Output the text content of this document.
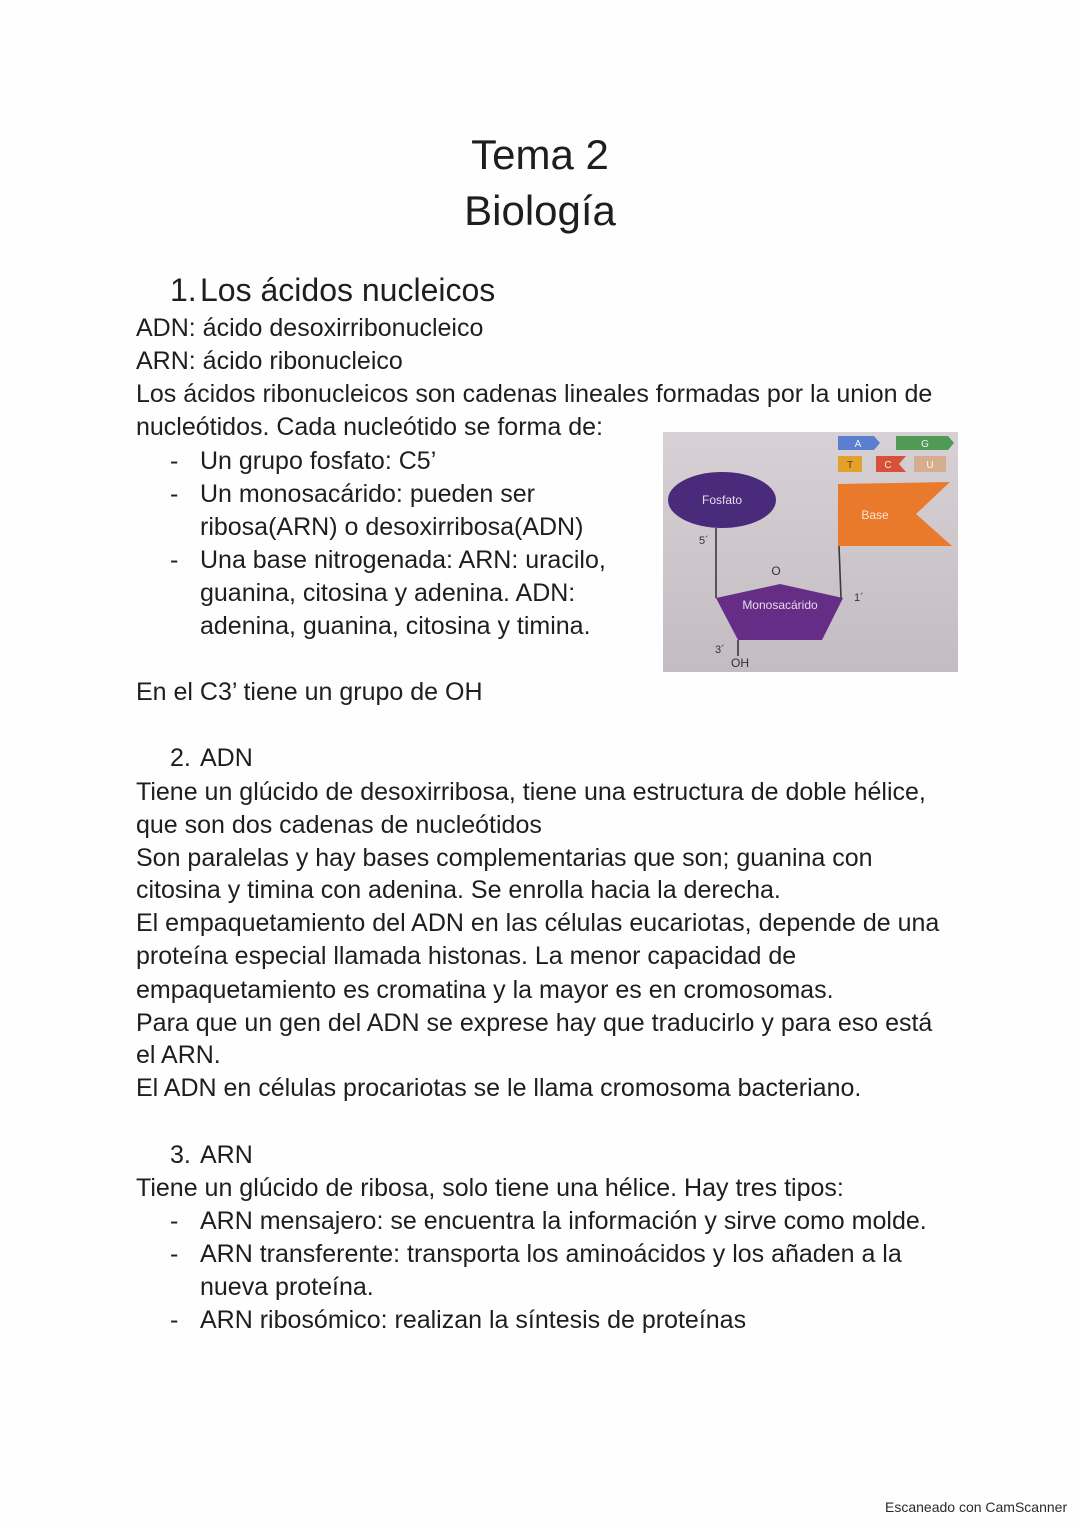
Tema 2
Biología
1. Los ácidos nucleicos
ADN: ácido desoxirribonucleico
ARN: ácido ribonucleico
Los ácidos ribonucleicos son cadenas lineales formadas por la union de
nucleótidos. Cada nucleótido se forma de:
- Un grupo fosfato: C5’
- Un monosacárido: pueden ser
ribosa(ARN) o desoxirribosa(ADN)
- Una base nitrogenada: ARN: uracilo,
guanina, citosina y adenina. ADN:
adenina, guanina, citosina y timina.
En el C3’ tiene un grupo de OH
A	G
T	C	U
Fosfato
5´
Base
O
Monosacárido	1´
3´
OH
2. ADN
Tiene un glúcido de desoxirribosa, tiene una estructura de doble hélice,
que son dos cadenas de nucleótidos
Son paralelas y hay bases complementarias que son; guanina con
citosina y timina con adenina. Se enrolla hacia la derecha.
El empaquetamiento del ADN en las células eucariotas, depende de una
proteína especial llamada histonas. La menor capacidad de
empaquetamiento es cromatina y la mayor es en cromosomas.
Para que un gen del ADN se exprese hay que traducirlo y para eso está
el ARN.
El ADN en células procariotas se le llama cromosoma bacteriano.
3. ARN
Tiene un glúcido de ribosa, solo tiene una hélice. Hay tres tipos:
- ARN mensajero: se encuentra la información y sirve como molde.
- ARN transferente: transporta los aminoácidos y los añaden a la
nueva proteína.
- ARN ribosómico: realizan la síntesis de proteínas
Escaneado con CamScanner
